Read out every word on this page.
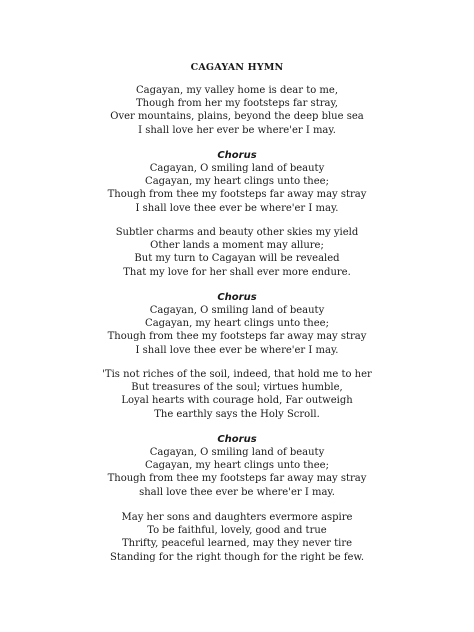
CAGAYAN HYMN
Cagayan, my valley home is dear to me,
Though from her my footsteps far stray,
Over mountains, plains, beyond the deep blue sea
I shall love her ever be where'er I may.
Chorus
Cagayan, O smiling land of beauty
Cagayan, my heart clings unto thee;
Though from thee my footsteps far away may stray
I shall love thee ever be where'er I may.
Subtler charms and beauty other skies my yield
Other lands a moment may allure;
But my turn to Cagayan will be revealed
That my love for her shall ever more endure.
Chorus
Cagayan, O smiling land of beauty
Cagayan, my heart clings unto thee;
Though from thee my footsteps far away may stray
I shall love thee ever be where'er I may.
'Tis not riches of the soil, indeed, that hold me to her
But treasures of the soul; virtues humble,
Loyal hearts with courage hold, Far outweigh
The earthly says the Holy Scroll.
Chorus
Cagayan, O smiling land of beauty
Cagayan, my heart clings unto thee;
Though from thee my footsteps far away may stray
shall love thee ever be where'er I may.
May her sons and daughters evermore aspire
To be faithful, lovely, good and true
Thrifty, peaceful learned, may they never tire
Standing for the right though for the right be few.
